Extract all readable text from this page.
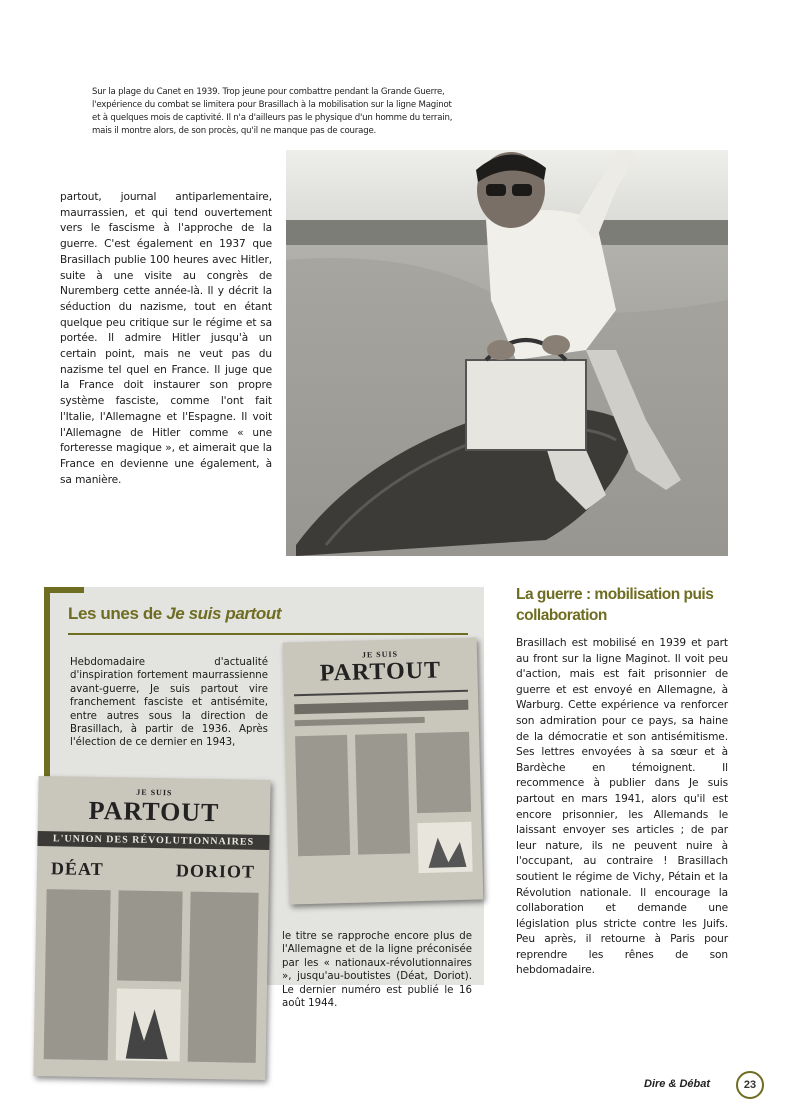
Sur la plage du Canet en 1939. Trop jeune pour combattre pendant la Grande Guerre, l'expérience du combat se limitera pour Brasillach à la mobilisation sur la ligne Maginot et à quelques mois de captivité. Il n'a d'ailleurs pas le physique d'un homme du terrain, mais il montre alors, de son procès, qu'il ne manque pas de courage.
partout, journal antiparlementaire, maurrassien, et qui tend ouvertement vers le fascisme à l'approche de la guerre. C'est également en 1937 que Brasillach publie 100 heures avec Hitler, suite à une visite au congrès de Nuremberg cette année-là. Il y décrit la séduction du nazisme, tout en étant quelque peu critique sur le régime et sa portée. Il admire Hitler jusqu'à un certain point, mais ne veut pas du nazisme tel quel en France. Il juge que la France doit instaurer son propre système fasciste, comme l'ont fait l'Italie, l'Allemagne et l'Espagne. Il voit l'Allemagne de Hitler comme « une forteresse magique », et aimerait que la France en devienne une également, à sa manière.
Les unes de Je suis partout
Hebdomadaire d'actualité d'inspiration fortement maurrassienne avant-guerre, Je suis partout vire franchement fasciste et antisémite, entre autres sous la direction de Brasillach, à partir de 1936. Après l'élection de ce dernier en 1943,
JE SUIS
PARTOUT
JE SUIS
PARTOUT
L'UNION DES RÉVOLUTIONNAIRES
DÉAT	DORIOT
le titre se rapproche encore plus de l'Allemagne et de la ligne préconisée par les « nationaux-révolutionnaires », jusqu'au-boutistes (Déat, Doriot). Le dernier numéro est publié le 16 août 1944.
La guerre : mobilisation puis collaboration
Brasillach est mobilisé en 1939 et part au front sur la ligne Maginot. Il voit peu d'action, mais est fait prisonnier de guerre et est envoyé en Allemagne, à Warburg. Cette expérience va renforcer son admiration pour ce pays, sa haine de la démocratie et son antisémitisme. Ses lettres envoyées à sa sœur et à Bardèche en témoignent. Il recommence à publier dans Je suis partout en mars 1941, alors qu'il est encore prisonnier, les Allemands le laissant envoyer ses articles ; de par leur nature, ils ne peuvent nuire à l'occupant, au contraire ! Brasillach soutient le régime de Vichy, Pétain et la Révolution nationale. Il encourage la collaboration et demande une législation plus stricte contre les Juifs. Peu après, il retourne à Paris pour reprendre les rênes de son hebdomadaire.
Dire & Débat	23
